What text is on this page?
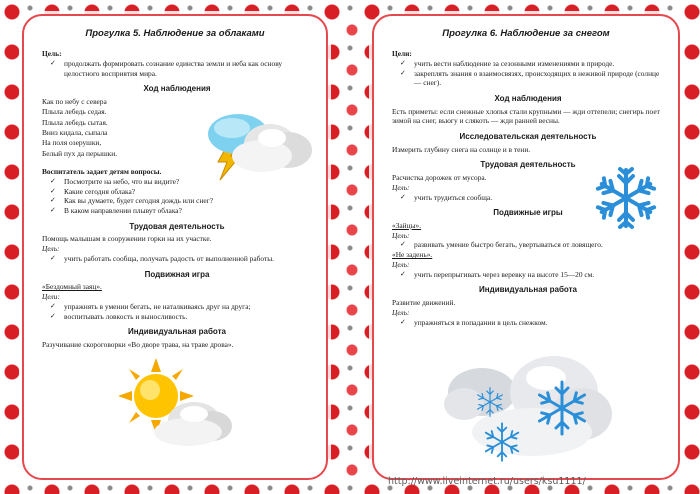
Прогулка 5. Наблюдение за облаками
Цель:
✓ продолжать формировать сознание единства земли и неба как основу целостного восприятия мира.
Ход наблюдения
Как по небу с севера
Плыла лебедь седая.
Плыла лебедь сытая.
Вниз кидала, сыпала
На поля озерушки,
Белый пух да перышки.
Воспитатель задает детям вопросы.
✓ Посмотрите на небо, что вы видите?
✓ Какие сегодня облака?
✓ Как вы думаете, будет сегодня дождь или снег?
✓ В каком направлении плывут облака?
Трудовая деятельность
Помощь малышам в сооружении горки на их участке.
Цель:
✓ учить работать сообща, получать радость от выполненной работы.
Подвижная игра
«Бездомный заяц».
Цели:
✓ упражнять в умении бегать, не наталкиваясь друг на друга;
✓ воспитывать ловкость и выносливость.
Индивидуальная работа
Разучивание скороговорки «Во дворе трава, на траве дрова».
Прогулка 6. Наблюдение за снегом
Цели:
✓ учить вести наблюдение за сезонными изменениями в природе.
✓ закреплять знания о взаимосвязях, происходящих в неживой природе (солнце — снег).
Ход наблюдения
Есть приметы: если снежные хлопья стали крупными — жди оттепели; снегирь поет зимой на снег, вьюгу и слякоть — жди ранней весны.
Исследовательская деятельность
Измерить глубину снега на солнце и в тени.
Трудовая деятельность
Расчистка дорожек от мусора.
Цель:
✓ учить трудиться сообща.
Подвижные игры
«Зайцы».
Цель:
✓ развивать умение быстро бегать, увертываться от ловящего.
«Не задень».
Цель:
✓ учить перепрыгивать через веревку на высоте 15—20 см.
Индивидуальная работа
Развитие движений.
Цель:
✓ упражняться в попадании в цель снежком.
http://www.liveinternet.ru/users/ksu1111/
